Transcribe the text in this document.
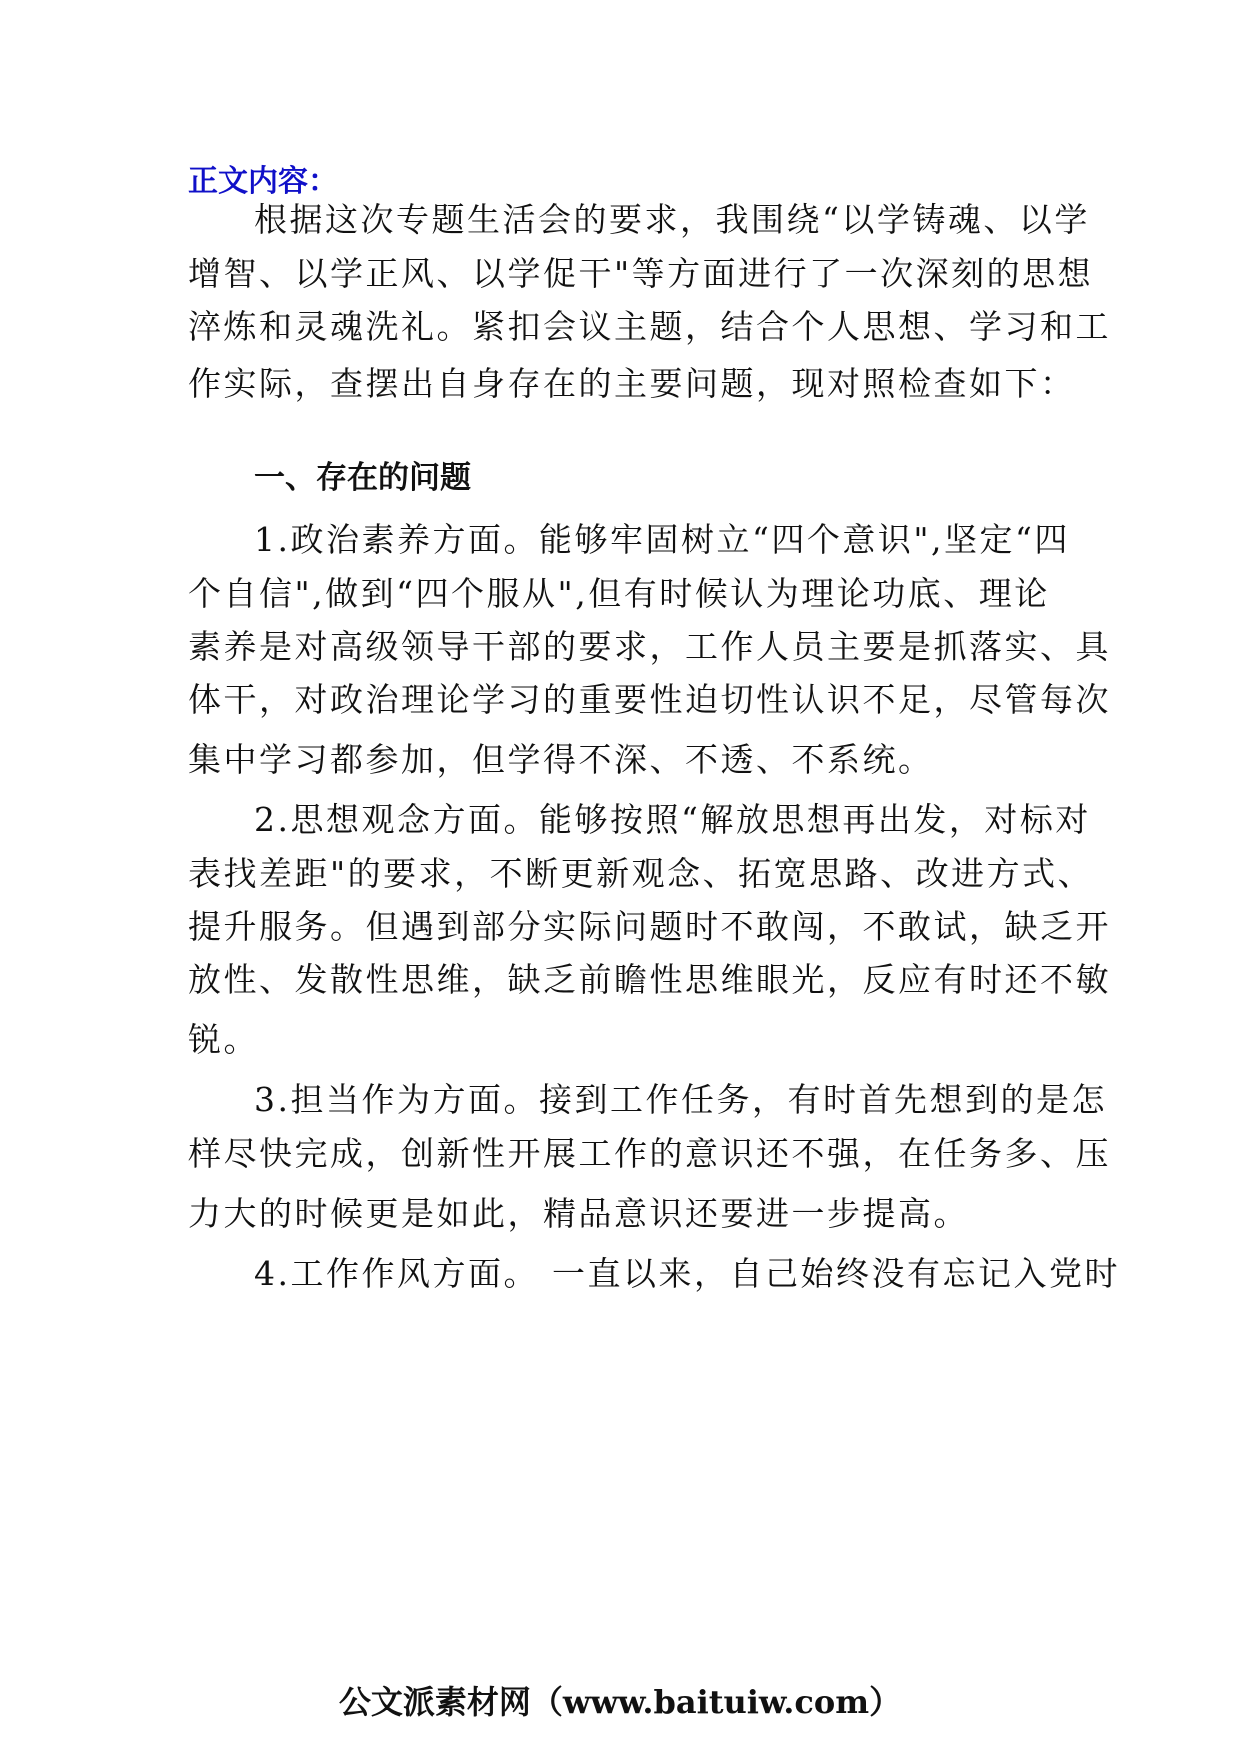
正文内容：
根据这次专题生活会的要求，我围绕“以学铸魂、以学
增智、以学正风、以学促干"等方面进行了一次深刻的思想
淬炼和灵魂洗礼。紧扣会议主题，结合个人思想、学习和工
作实际，查摆出自身存在的主要问题，现对照检查如下：
一、存在的问题
1.政治素养方面。能够牢固树立“四个意识",坚定“四
个自信",做到“四个服从",但有时候认为理论功底、理论
素养是对高级领导干部的要求，工作人员主要是抓落实、具
体干，对政治理论学习的重要性迫切性认识不足，尽管每次
集中学习都参加，但学得不深、不透、不系统。
2.思想观念方面。能够按照“解放思想再出发，对标对
表找差距"的要求，不断更新观念、拓宽思路、改进方式、
提升服务。但遇到部分实际问题时不敢闯，不敢试，缺乏开
放性、发散性思维，缺乏前瞻性思维眼光，反应有时还不敏
锐。
3.担当作为方面。接到工作任务，有时首先想到的是怎
样尽快完成，创新性开展工作的意识还不强，在任务多、压
力大的时候更是如此，精品意识还要进一步提高。
4.工作作风方面。 一直以来，自己始终没有忘记入党时
公文派素材网（www.baituiw.com）
